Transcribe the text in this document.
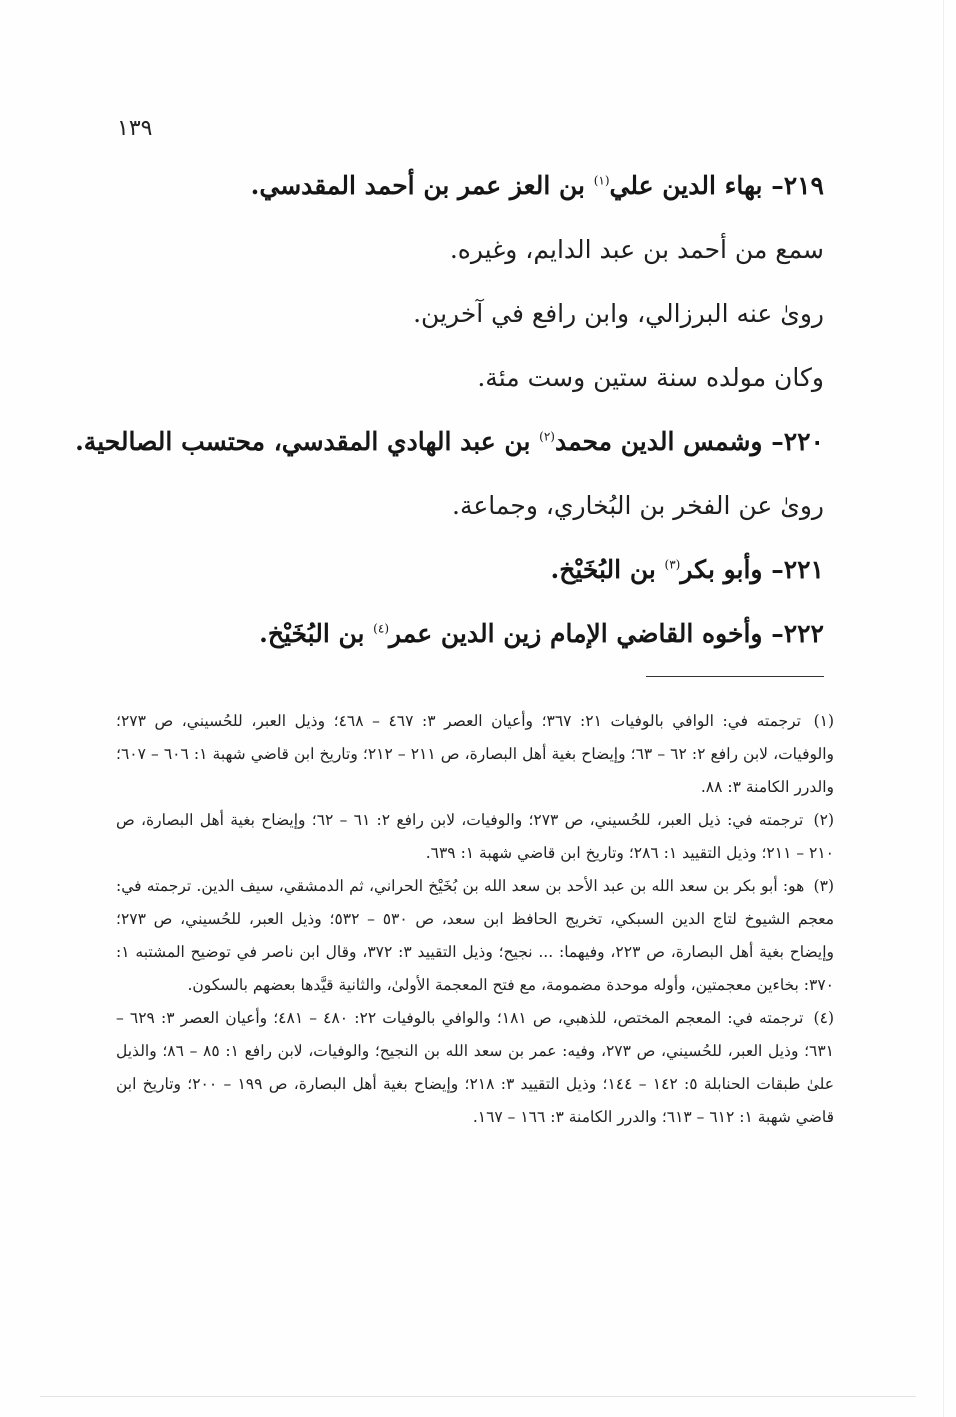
١٣٩
٢١٩– بهاء الدين علي$^{(١)}$ بن العز عمر بن أحمد المقدسي.
سمع من أحمد بن عبد الدايم، وغيره.
روىٰ عنه البرزالي، وابن رافع في آخرين.
وكان مولده سنة ستين وست مئة.
٢٢٠– وشمس الدين محمد$^{(٢)}$ بن عبد الهادي المقدسي، محتسب الصالحية.
روىٰ عن الفخر بن البُخاري، وجماعة.
٢٢١– وأبو بكر$^{(٣)}$ بن البُخَيْخ.
٢٢٢– وأخوه القاضي الإمام زين الدين عمر$^{(٤)}$ بن البُخَيْخ.

(١) ترجمته في: الوافي بالوفيات ٢١: ٣٦٧؛ وأعيان العصر ٣: ٤٦٧ – ٤٦٨؛ وذيل العبر، للحُسيني، ص ٢٧٣؛ والوفيات، لابن رافع ٢: ٦٢ – ٦٣؛ وإيضاح بغية أهل البصارة، ص ٢١١ – ٢١٢؛ وتاريخ ابن قاضي شهبة ١: ٦٠٦ – ٦٠٧؛ والدرر الكامنة ٣: ٨٨.

(٢) ترجمته في: ذيل العبر، للحُسيني، ص ٢٧٣؛ والوفيات، لابن رافع ٢: ٦١ – ٦٢؛ وإيضاح بغية أهل البصارة، ص ٢١٠ – ٢١١؛ وذيل التقييد ١: ٢٨٦؛ وتاريخ ابن قاضي شهبة ١: ٦٣٩.

(٣) هو: أبو بكر بن سعد الله بن عبد الأحد بن سعد الله بن بُخَيْخ الحراني، ثم الدمشقي، سيف الدين. ترجمته في: معجم الشيوخ لتاج الدين السبكي، تخريج الحافظ ابن سعد، ص ٥٣٠ – ٥٣٢؛ وذيل العبر، للحُسيني، ص ٢٧٣؛ وإيضاح بغية أهل البصارة، ص ٢٢٣، وفيهما: ... نجيح؛ وذيل التقييد ٣: ٣٧٢، وقال ابن ناصر في توضيح المشتبه ١: ٣٧٠: بخاءين معجمتين، وأوله موحدة مضمومة، مع فتح المعجمة الأولىٰ، والثانية قيَّدها بعضهم بالسكون.

(٤) ترجمته في: المعجم المختص، للذهبي، ص ١٨١؛ والوافي بالوفيات ٢٢: ٤٨٠ – ٤٨١؛ وأعيان العصر ٣: ٦٢٩ – ٦٣١؛ وذيل العبر، للحُسيني، ص ٢٧٣، وفيه: عمر بن سعد الله بن النجيح؛ والوفيات، لابن رافع ١: ٨٥ – ٨٦؛ والذيل علىٰ طبقات الحنابلة ٥: ١٤٢ – ١٤٤؛ وذيل التقييد ٣: ٢١٨؛ وإيضاح بغية أهل البصارة، ص ١٩٩ – ٢٠٠؛ وتاريخ ابن قاضي شهبة ١: ٦١٢ – ٦١٣؛ والدرر الكامنة ٣: ١٦٦ – ١٦٧.
